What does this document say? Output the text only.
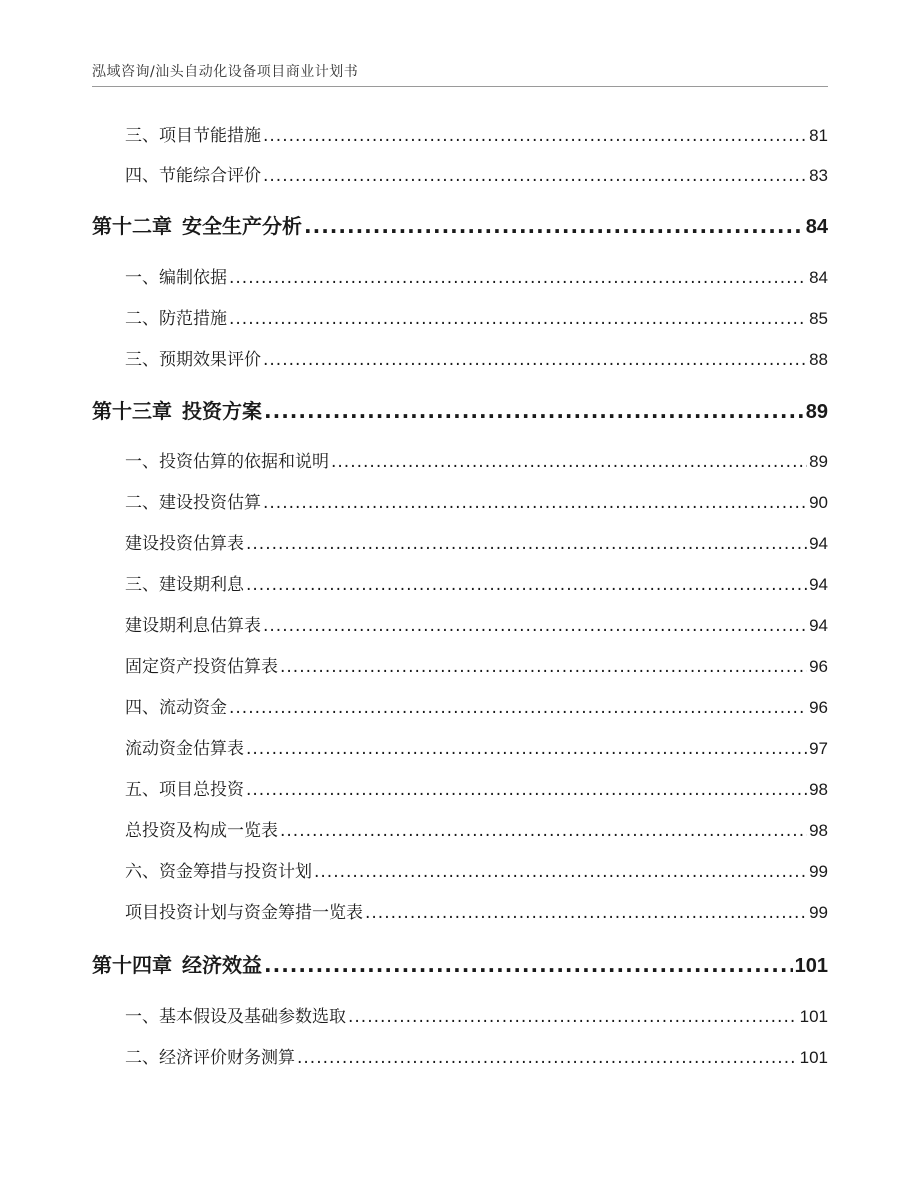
泓域咨询/汕头自动化设备项目商业计划书
三、 项目节能措施 .....	81
四、 节能综合评价 .....	83
第十二章 安全生产分析 .....	84
一、 编制依据 .....	84
二、 防范措施 .....	85
三、 预期效果评价 .....	88
第十三章 投资方案 .....	89
一、 投资估算的依据和说明 .....	89
二、 建设投资估算 .....	90
建设投资估算表 .....	94
三、 建设期利息 .....	94
建设期利息估算表 .....	94
固定资产投资估算表 .....	96
四、 流动资金 .....	96
流动资金估算表 .....	97
五、 项目总投资 .....	98
总投资及构成一览表 .....	98
六、 资金筹措与投资计划 .....	99
项目投资计划与资金筹措一览表 .....	99
第十四章 经济效益 .....	101
一、 基本假设及基础参数选取 .....	101
二、 经济评价财务测算 .....	101
